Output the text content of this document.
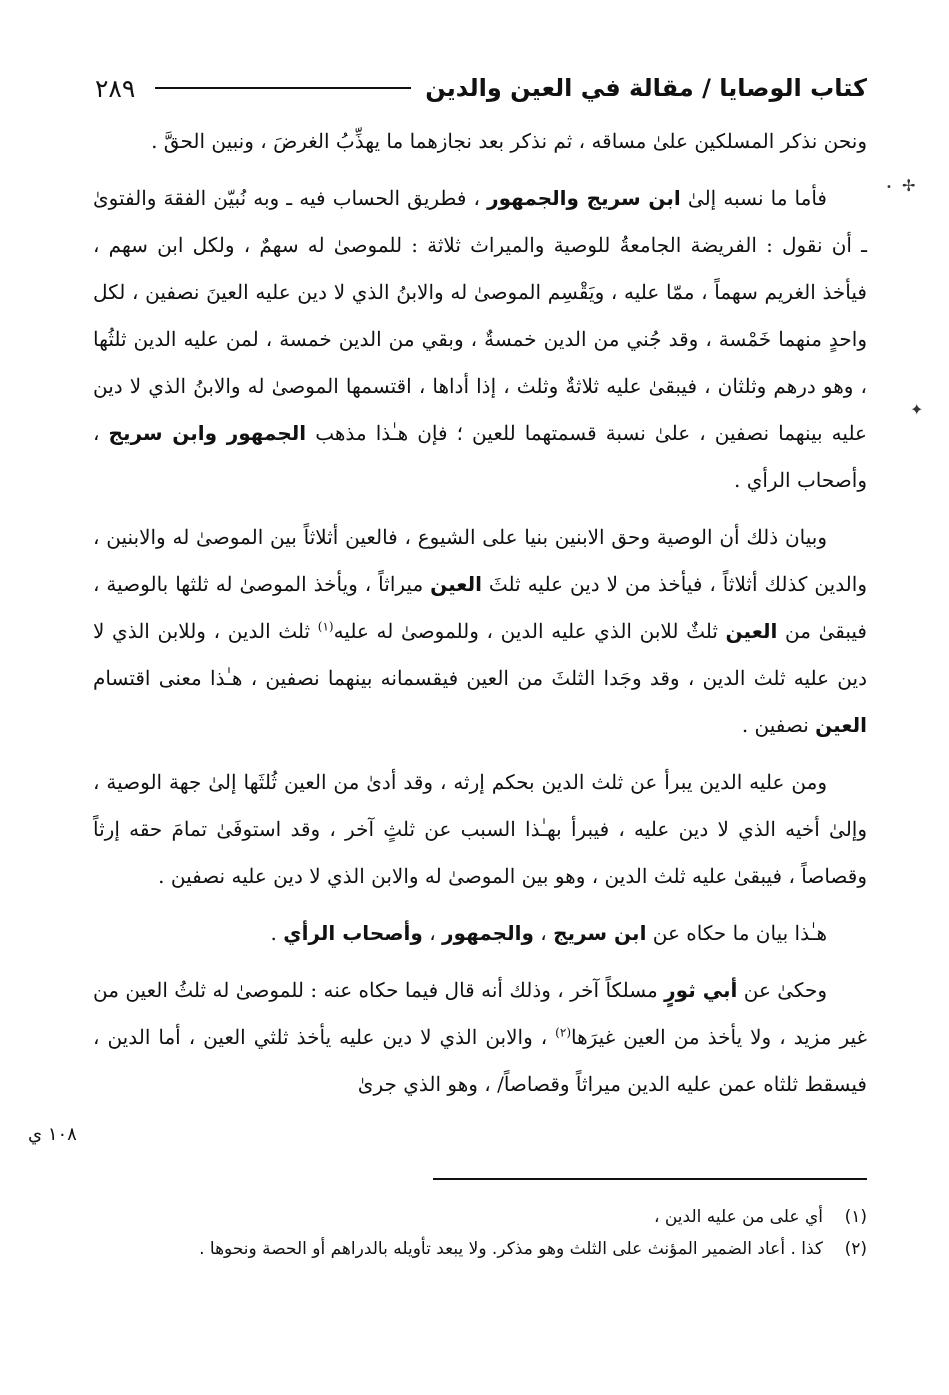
كتاب الوصايا / مقالة في العين والدين
٢٨٩
✢
•
✦

ونحن نذكر المسلكين علىٰ مساقه ، ثم نذكر بعد نجازهما ما يهذِّبُ الغرضَ ، ونبين الحقَّ .

فأما ما نسبه إلىٰ ابن سريج والجمهور ، فطريق الحساب فيه ـ وبه نُبيّن الفقهَ والفتوىٰ ـ أن نقول : الفريضة الجامعةُ للوصية والميراث ثلاثة : للموصىٰ له سهمٌ ، ولكل ابن سهم ، فيأخذ الغريم سهماً ، ممّا عليه ، ويَقْسِم الموصىٰ له والابنُ الذي لا دين عليه العينَ نصفين ، لكل واحدٍ منهما خَمْسة ، وقد جُني من الدين خمسةٌ ، وبقي من الدين خمسة ، لمن عليه الدين ثلثُها ، وهو درهم وثلثان ، فيبقىٰ عليه ثلاثةٌ وثلث ، إذا أداها ، اقتسمها الموصىٰ له والابنُ الذي لا دين عليه بينهما نصفين ، علىٰ نسبة قسمتهما للعين ؛ فإن هـٰذا مذهب الجمهور وابن سريج ، وأصحاب الرأي .

وبيان ذلك أن الوصية وحق الابنين بنيا على الشيوع ، فالعين أثلاثاً بين الموصىٰ له والابنين ، والدين كذلك أثلاثاً ، فيأخذ من لا دين عليه ثلثَ العين ميراثاً ، ويأخذ الموصىٰ له ثلثها بالوصية ، فيبقىٰ من العين ثلثٌ للابن الذي عليه الدين ، وللموصىٰ له عليه$^{(١)}$ ثلث الدين ، وللابن الذي لا دين عليه ثلث الدين ، وقد وجَدا الثلثَ من العين فيقسمانه بينهما نصفين ، هـٰذا معنى اقتسام العين نصفين .

ومن عليه الدين يبرأ عن ثلث الدين بحكم إرثه ، وقد أدىٰ من العين ثُلثَها إلىٰ جهة الوصية ، وإلىٰ أخيه الذي لا دين عليه ، فيبرأ بهـٰذا السبب عن ثلثٍ آخر ، وقد استوفَىٰ تمامَ حقه إرثاً وقصاصاً ، فيبقىٰ عليه ثلث الدين ، وهو بين الموصىٰ له والابن الذي لا دين عليه نصفين .

هـٰذا بيان ما حكاه عن ابن سريج ، والجمهور ، وأصحاب الرأي .

وحكىٰ عن أبي ثورٍ مسلكاً آخر ، وذلك أنه قال فيما حكاه عنه : للموصىٰ له ثلثُ العين من غير مزيد ، ولا يأخذ من العين غيرَها$^{(٢)}$ ، والابن الذي لا دين عليه يأخذ ثلثي العين ، أما الدين ، فيسقط ثلثاه عمن عليه الدين ميراثاً وقصاصاً/ ، وهو الذي جرىٰ

١٠٨ ي
(١)
أي على من عليه الدين ،
(٢)
كذا . أعاد الضمير المؤنث على الثلث وهو مذكر. ولا يبعد تأويله بالدراهم أو الحصة ونحوها .
